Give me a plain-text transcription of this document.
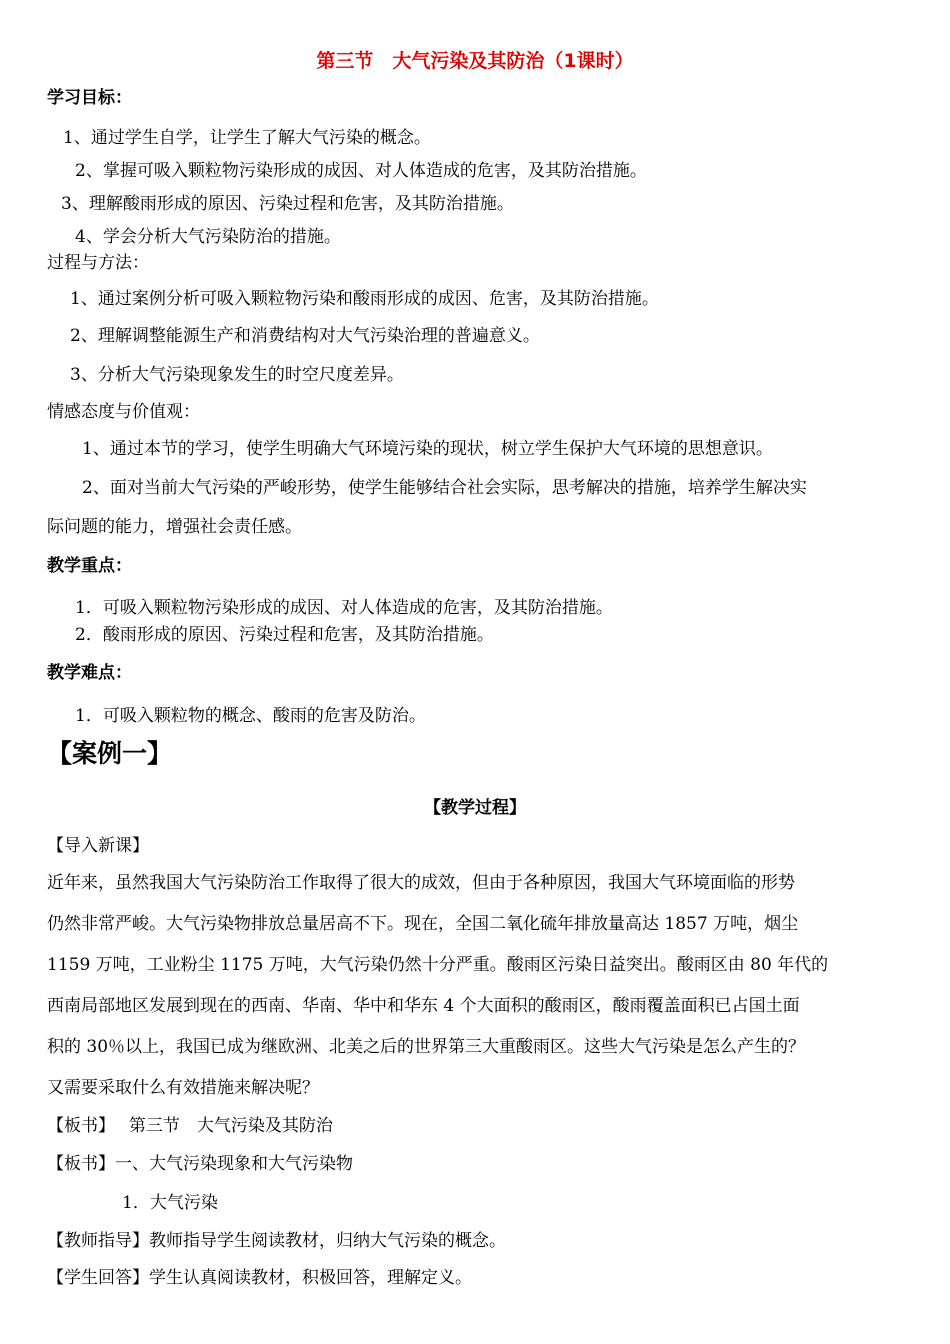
第三节　大气污染及其防治（1课时）
学习目标：
1、通过学生自学，让学生了解大气污染的概念。
2、掌握可吸入颗粒物污染形成的成因、对人体造成的危害，及其防治措施。
3、理解酸雨形成的原因、污染过程和危害，及其防治措施。
4、学会分析大气污染防治的措施。
过程与方法：
1、通过案例分析可吸入颗粒物污染和酸雨形成的成因、危害，及其防治措施。
2、理解调整能源生产和消费结构对大气污染治理的普遍意义。
3、分析大气污染现象发生的时空尺度差异。
情感态度与价值观：
1、通过本节的学习，使学生明确大气环境污染的现状，树立学生保护大气环境的思想意识。
2、面对当前大气污染的严峻形势，使学生能够结合社会实际，思考解决的措施，培养学生解决实
际问题的能力，增强社会责任感。
教学重点：
1．可吸入颗粒物污染形成的成因、对人体造成的危害，及其防治措施。
2．酸雨形成的原因、污染过程和危害，及其防治措施。
教学难点：
1．可吸入颗粒物的概念、酸雨的危害及防治。
【案例一】
【教学过程】
【导入新课】
近年来，虽然我国大气污染防治工作取得了很大的成效，但由于各种原因，我国大气环境面临的形势
仍然非常严峻。大气污染物排放总量居高不下。现在，全国二氧化硫年排放量高达 1857 万吨，烟尘
1159 万吨，工业粉尘 1175 万吨，大气污染仍然十分严重。酸雨区污染日益突出。酸雨区由 80 年代的
西南局部地区发展到现在的西南、华南、华中和华东 4 个大面积的酸雨区，酸雨覆盖面积已占国土面
积的 30％以上，我国已成为继欧洲、北美之后的世界第三大重酸雨区。这些大气污染是怎么产生的？
又需要采取什么有效措施来解决呢？
【板书】　 第三节　大气污染及其防治
【板书】一、大气污染现象和大气污染物
1．大气污染
【教师指导】教师指导学生阅读教材，归纳大气污染的概念。
【学生回答】学生认真阅读教材，积极回答，理解定义。
